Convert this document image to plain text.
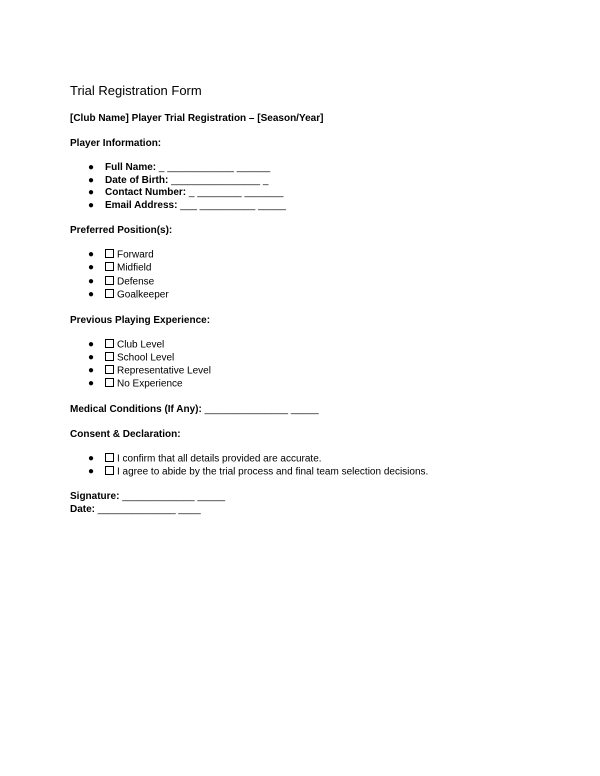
Trial Registration Form
[Club Name] Player Trial Registration – [Season/Year]
Player Information:
● Full Name: _ ____________ ______
● Date of Birth: ________________ _
● Contact Number: _ ________ _______
● Email Address: ___ __________ _____
Preferred Position(s):
● Forward
● Midfield
● Defense
● Goalkeeper
Previous Playing Experience:
● Club Level
● School Level
● Representative Level
● No Experience
Medical Conditions (If Any): _______________ _____
Consent & Declaration:
● I confirm that all details provided are accurate.
● I agree to abide by the trial process and final team selection decisions.
Signature: _____________ _____
Date: ______________ ____
